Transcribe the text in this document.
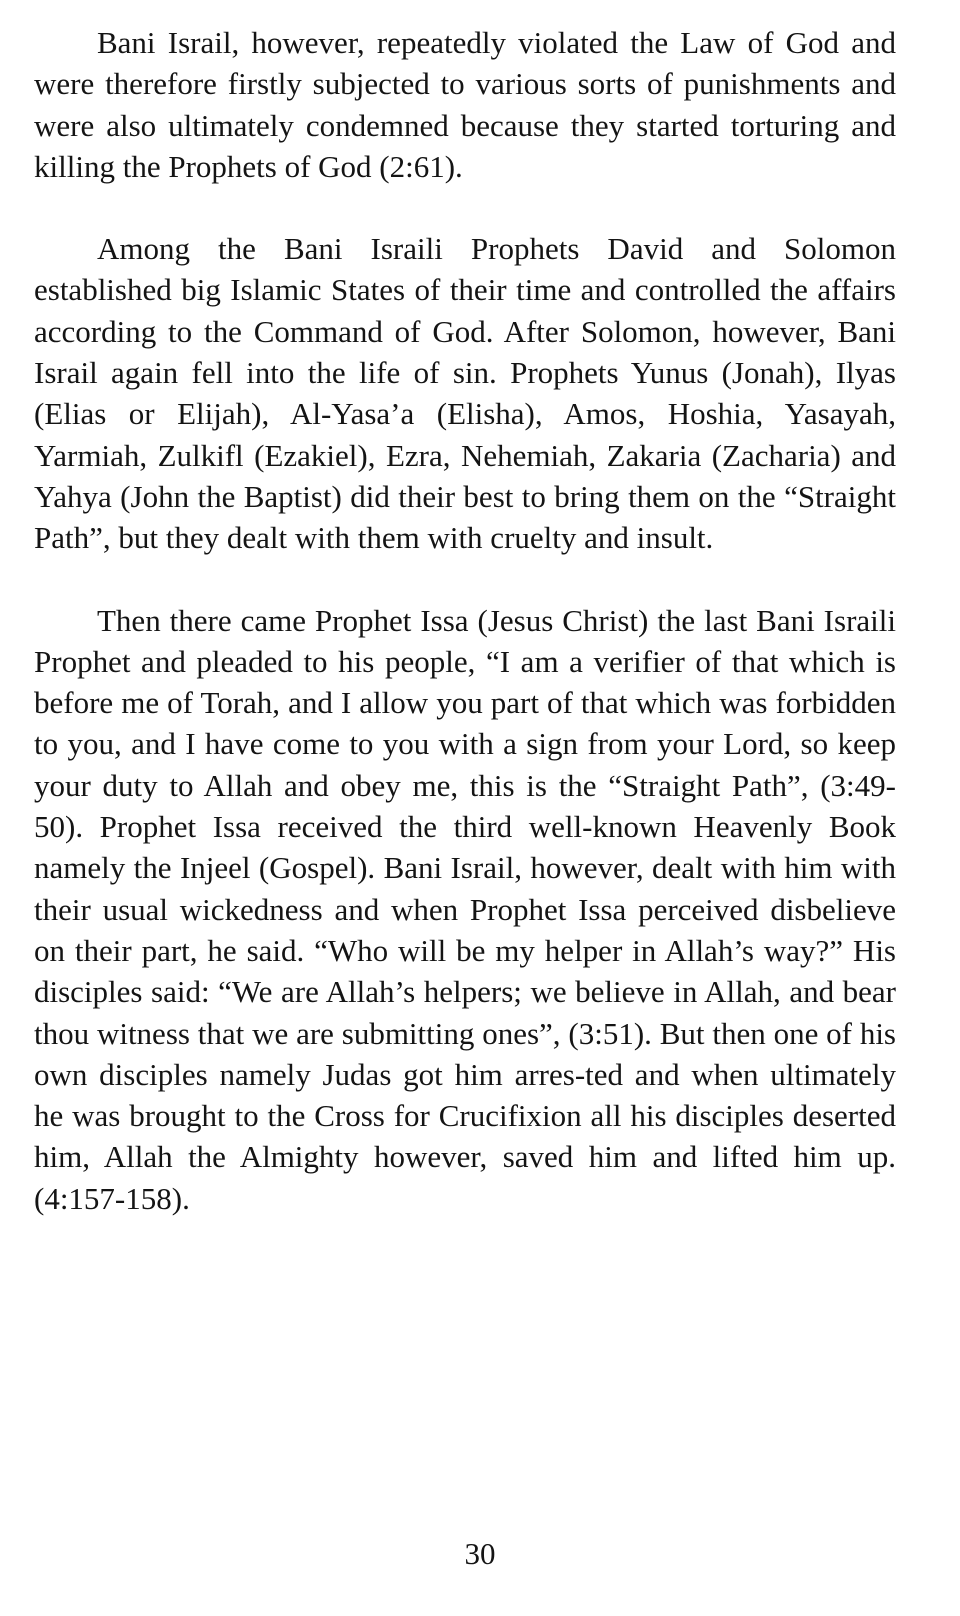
Bani Israil, however, repeatedly violated the Law of God and were therefore firstly subjected to various sorts of punishments and were also ultimately condemned because they started torturing and killing the Prophets of God (2:61).

Among the Bani Israili Prophets David and Solomon established big Islamic States of their time and controlled the affairs according to the Command of God. After Solomon, however, Bani Israil again fell into the life of sin. Prophets Yunus (Jonah), Ilyas (Elias or Elijah), Al-Yasa’a (Elisha), Amos, Hoshia, Yasayah, Yarmiah, Zulkifl (Ezakiel), Ezra, Nehemiah, Zakaria (Zacharia) and Yahya (John the Baptist) did their best to bring them on the “Straight Path”, but they dealt with them with cruelty and insult.

Then there came Prophet Issa (Jesus Christ) the last Bani Israili Prophet and pleaded to his people, “I am a verifier of that which is before me of Torah, and I allow you part of that which was forbidden to you, and I have come to you with a sign from your Lord, so keep your duty to Allah and obey me, this is the “Straight Path”, (3:49-50). Prophet Issa received the third well-known Heavenly Book namely the Injeel (Gospel). Bani Israil, however, dealt with him with their usual wickedness and when Prophet Issa perceived disbelieve on their part, he said. “Who will be my helper in Allah’s way?” His disciples said: “We are Allah’s helpers; we believe in Allah, and bear thou witness that we are submitting ones”, (3:51). But then one of his own disciples namely Judas got him arres-ted and when ultimately he was brought to the Cross for Crucifixion all his disciples deserted him, Allah the Almighty however, saved him and lifted him up. (4:157-158).

30
